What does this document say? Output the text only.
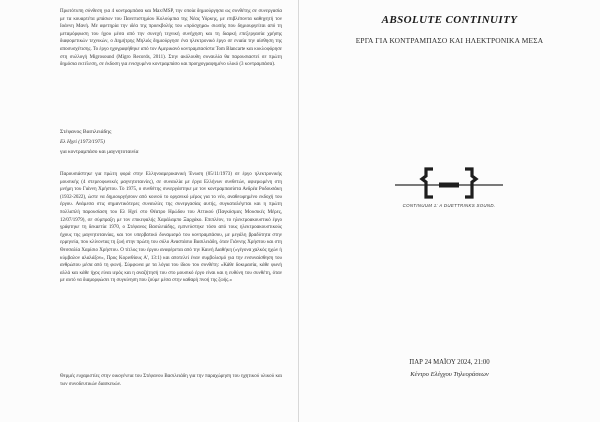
Πρωτότυπη σύνθεση για 4 κοντραμπάσα και Max/MSP, την οποία δημιούργησα ως συνθέτης σε συνεργασία με τα κουαρτέτα μπάσων του Πανεπιστημίου Κολούμπια της Νέας Υόρκης, με επιβλέποντα καθηγητή τον Ιοάννη Μανή. Με αφετηρία την ιδέα της προεκβολής του «πρόσχημα» σιωπής που δημιουργείται από τη μεταμόρφωση του ήχου μέσα από την συνεχή τεχνική συνήχηση και τη διαρκή επεξεργασία χρήσης διαφορετικών τεχνικών, ο Δημήτρης Μηλιός δημιούργησε ένα ηλεκτρονικό έργο σε ενιαία την αίσθηση της αποσυσχέτισης. Το έργο ηχογραφήθηκε από τον Αμερικανό κοντραμπασίστα Tom Blancarte και κυκλοφόρησε στη συλλογή Migrosound (Migro Records, 2011). Στην ακόλουθη συναυλία θα παρουσιαστεί σε πρώτη δημόσια εκτέλεση, σε έκδοση για ενισχυμένο κοντραμπάσο και προηχογραφημένο υλικό (3 κοντραμπάσα).

Στέφανος Βασιλειάδης
Ελ Ηχεί (1973/1975)
για κοντραμπάσο και μαγνητοταινία

Παρουσιάστηκε για πρώτη φορά στην Ελληνοαμερικανική Ένωση (05/11/1973) σε έργο ηλεκτρονικής μουσικής (4 στερεοφωνικές μαγνητοταινίες), σε συναυλία με έργα Ελλήνων συνθετών, αφιερωμένη στη μνήμη του Γιάννη Χρήστου. Το 1975, ο συνθέτης συνεργάστηκε με τον κοντραμπασίστα Ανδρέα Ροδουσάκη (1932-2022), ώστε να δημιουργήσουν από κοινού το οργανικό μέρος για το νέο, αναθεωρημένο εκδοχή του έργου. Ανάμεσα στις σημαντικότερες συναυλίες της συνεργασίας αυτής, συγκαταλέγεται και η πρώτη πολλαπλή παρουσίαση του Ελ Ηχεί στο Θέατρο Ηρώδου του Αττικού (Παγκόσμιες Μουσικές Μέρες, 12/07/1979), σε σύμπραξη με τον επικεφαλής Χαράλαμπο Ξαρχάκο. Επιπλέον, το ηλεκτροακουστικό έργο γράφτηκε τη δεκαετία 1970, ο Στέφανος Βασιλειάδης, εμπνεύστηκε τόσο από τους ηλεκτροακουστικούς ήχους της μαγνητοταινίας, και τον υπερβατικό δυναμισμό του κοντραμπάσου, με μεγάλη βραδύτητα στην ερμηνεία, που κλίνοντας τη ζωή στην πρώτη του σόλο Αναστάσιο Βασιλειάδη, όταν Γιάννης Χρήστου και στη Θεσσαλία Χαρίσιο Χρήστου. Ο τίτλος του έργου αναφέρεται από την Καινή Διαθήκη («γέγονα χαλκός ηχών ή κύμβαλον αλαλάζον», Προς Κορινθίους Α', 13:1) και αποτελεί έναν συμβολισμό για την ενσυναίσθηση του ανθρώπου μέσα από τη φωνή. Σύμφωνα με τα λόγια του ίδιου του συνθέτη: «Κάθε δοκιμασία, κάθε φωνή αλλά και κάθε ήχος είναι ιερός και η αναζήτησή του στο μουσικό έργο είναι και η ευθύνη του συνθέτη, όταν με αυτό να διαμορφώσει τη συγκίνηση που ζούμε μέσα στην καθαρή πνοή της ζωής.»

Θερμές ευχαριστίες στην οικογένεια του Στέφανου Βασιλειάδη για την παραχώρηση του ηχητικού υλικού και των συνοδευτικών διασκευών.

ABSOLUTE CONTINUITY
ΕΡΓΑ ΓΙΑ ΚΟΝΤΡΑΜΠΑΣΟ ΚΑΙ ΗΛΕΚΤΡΟΝΙΚΑ ΜΕΣΑ
CONTINUUM 1: A DUETTRINKS SOUND.
ΠΑΡ 24 ΜΑΪΟΥ 2024, 21:00
Κέντρο Ελέγχου Τηλεοράσεων
